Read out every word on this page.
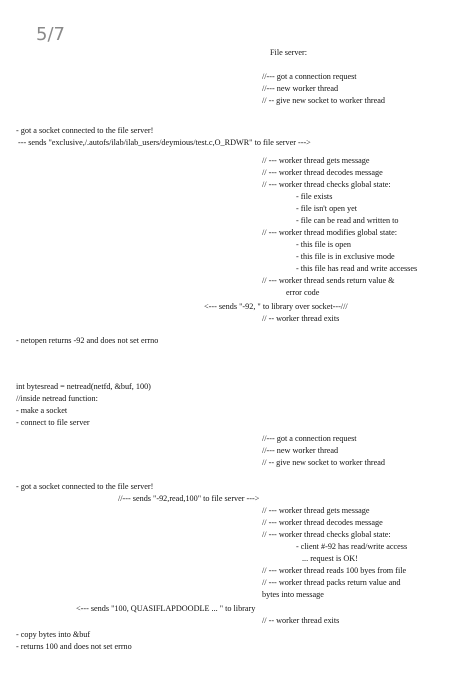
5/7
File server:
//--- got a connection request
//--- new worker thread
// -- give new socket to worker thread
- got a socket connected to the file server!
--- sends "exclusive,/.autofs/ilab/ilab_users/deymious/test.c,O_RDWR" to file server --->
// --- worker thread gets message
// --- worker thread decodes message
// --- worker thread checks global state:
- file exists
- file isn't open yet
- file can be read and written to
// --- worker thread modifies global state:
- this file is open
- this file is in exclusive mode
- this file has read and write accesses
// --- worker thread sends return value &
error code
<--- sends "-92, " to library over socket---///
// -- worker thread exits
- netopen returns -92 and does not set errno
int bytesread = netread(netfd, &buf, 100)
//inside netread function:
- make a socket
- connect to file server
//--- got a connection request
//--- new worker thread
// -- give new socket to worker thread
- got a socket connected to the file server!
//--- sends "-92,read,100" to file server --->
// --- worker thread gets message
// --- worker thread decodes message
// --- worker thread checks global state:
- client #-92 has read/write access
... request is OK!
// --- worker thread reads 100 byes from file
// --- worker thread packs return value and
bytes into message
<--- sends "100, QUASIFLAPDOODLE ... " to library
// -- worker thread exits
- copy bytes into &buf
- returns 100 and does not set errno
